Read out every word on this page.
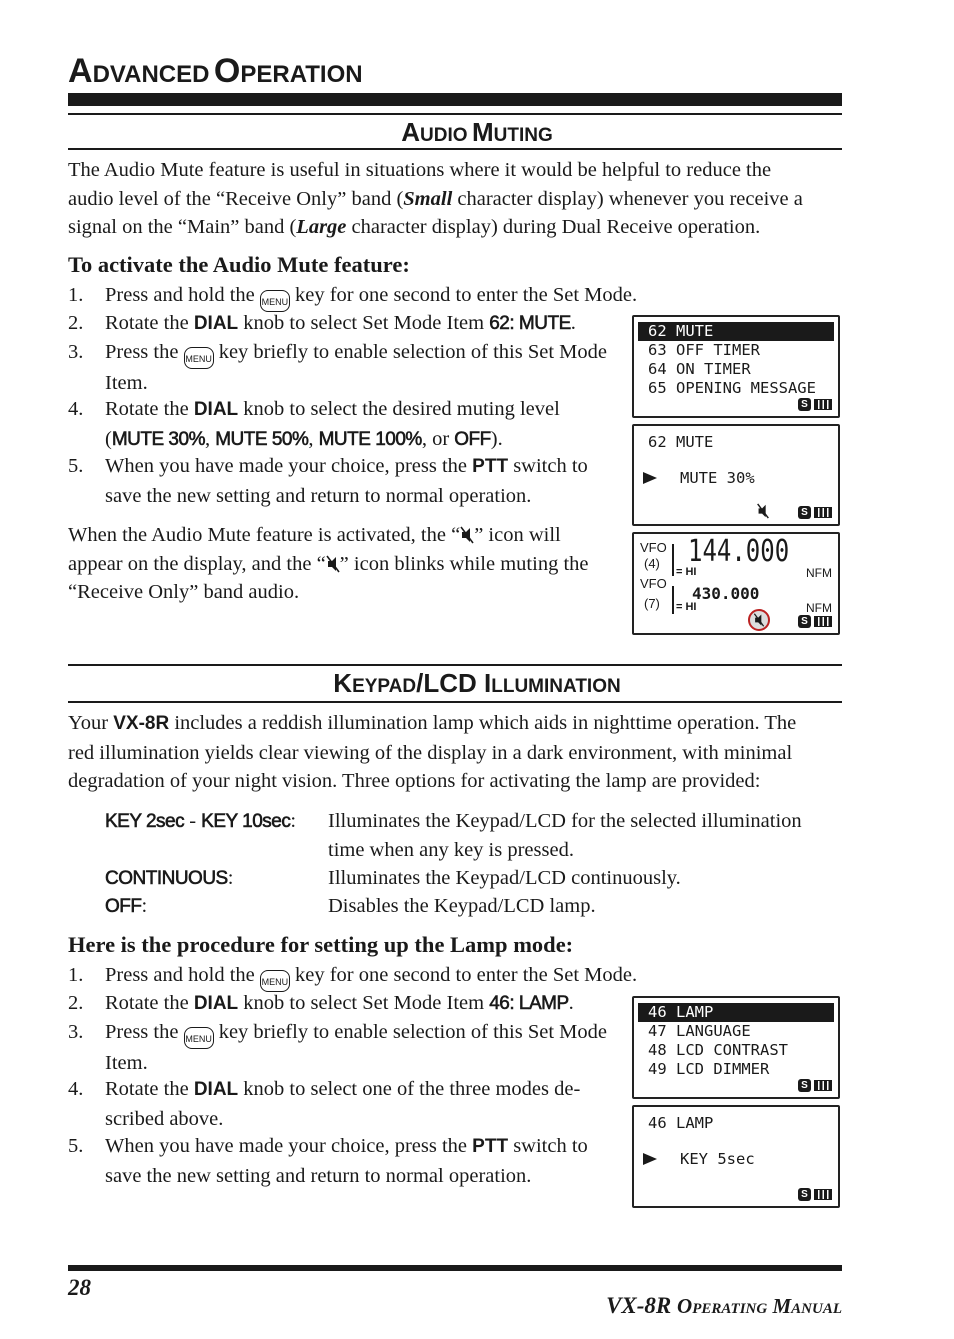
ADVANCED OPERATION
AUDIO MUTING
The Audio Mute feature is useful in situations where it would be helpful to reduce the
audio level of the “Receive Only” band (Small character display) whenever you receive a
signal on the “Main” band (Large character display) during Dual Receive operation.
To activate the Audio Mute feature:
1. Press and hold the MENU key for one second to enter the Set Mode.
2. Rotate the DIAL knob to select Set Mode Item 62: MUTE.
3. Press the MENU key briefly to enable selection of this Set Mode
Item.
4. Rotate the DIAL knob to select the desired muting level
(MUTE 30%, MUTE 50%, MUTE 100%, or OFF).
5. When you have made your choice, press the PTT switch to
save the new setting and return to normal operation.
When the Audio Mute feature is activated, the “ ” icon will
appear on the display, and the “ ” icon blinks while muting the
“Receive Only” band audio.
62 MUTE
63 OFF TIMER
64 ON TIMER
65 OPENING MESSAGE
S
62 MUTE
MUTE 30%
S
VFO
(4) 144.000
= HI	NFM
VFO
(7)
430.000
= HI	NFM
S
KEYPAD/LCD ILLUMINATION
Your VX-8R includes a reddish illumination lamp which aids in nighttime operation. The
red illumination yields clear viewing of the display in a dark environment, with minimal
degradation of your night vision. Three options for activating the lamp are provided:
KEY 2sec - KEY 10sec: Illuminates the Keypad/LCD for the selected illumination
time when any key is pressed.
CONTINUOUS:	Illuminates the Keypad/LCD continuously.
OFF:	Disables the Keypad/LCD lamp.
Here is the procedure for setting up the Lamp mode:
1. Press and hold the MENU key for one second to enter the Set Mode.
2. Rotate the DIAL knob to select Set Mode Item 46: LAMP.
3. Press the MENU key briefly to enable selection of this Set Mode
Item.
4. Rotate the DIAL knob to select one of the three modes de-
scribed above.
5. When you have made your choice, press the PTT switch to
save the new setting and return to normal operation.
46 LAMP
47 LANGUAGE
48 LCD CONTRAST
49 LCD DIMMER
S
46 LAMP
KEY 5sec
S
28

VX-8R OPERATING MANUAL
